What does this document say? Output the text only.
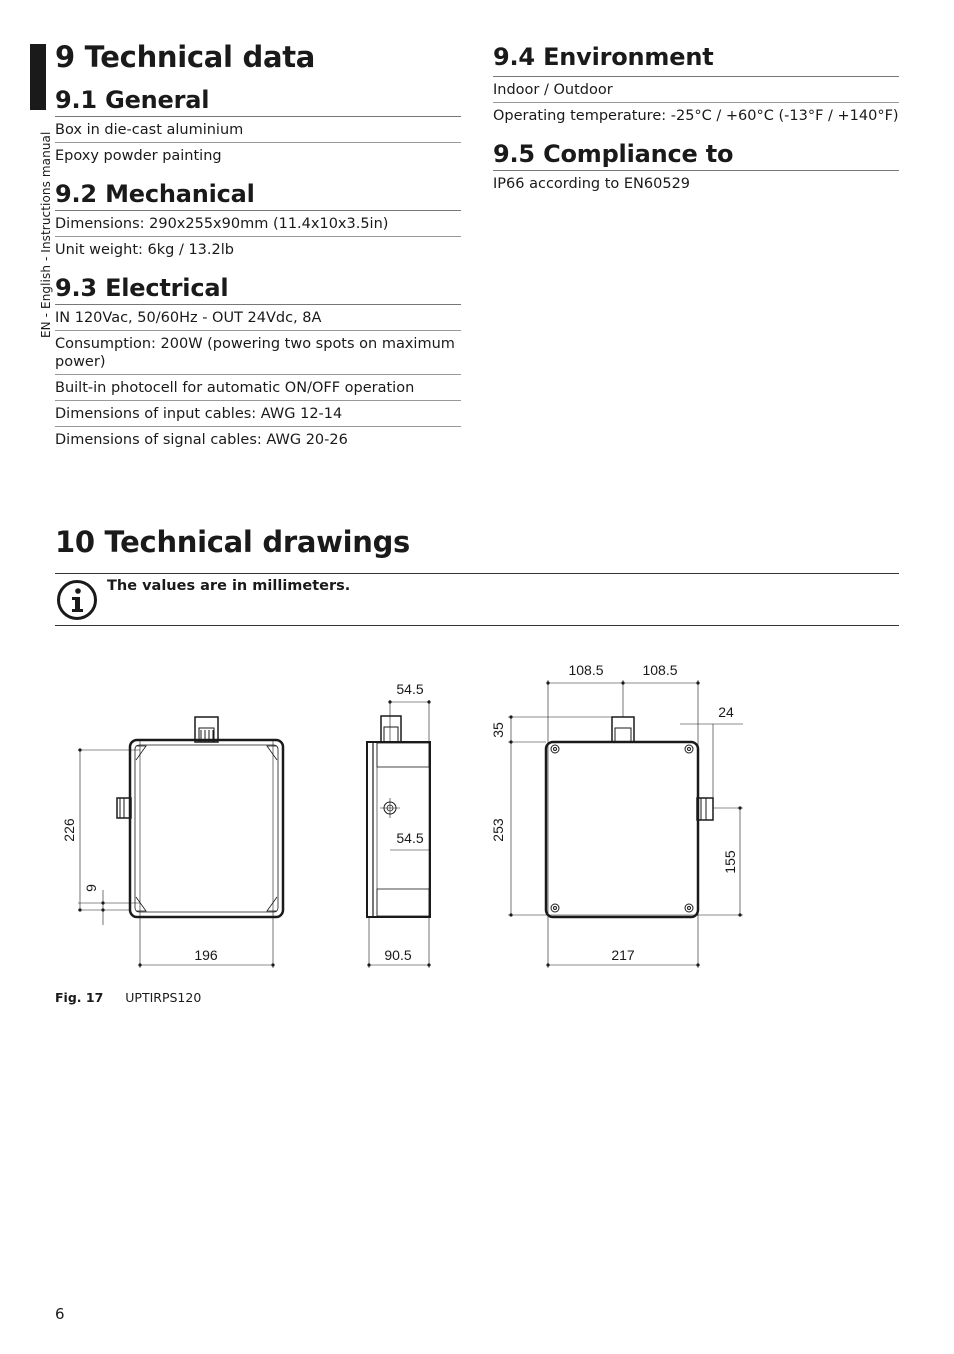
EN - English - Instructions manual
9 Technical data
9.1 General
Box in die-cast aluminium
Epoxy powder painting
9.2 Mechanical
Dimensions: 290x255x90mm (11.4x10x3.5in)
Unit weight: 6kg / 13.2lb
9.3 Electrical
IN 120Vac, 50/60Hz - OUT 24Vdc, 8A
Consumption: 200W (powering two spots on maximum power)
Built-in photocell for automatic ON/OFF operation
Dimensions of input cables: AWG 12-14
Dimensions of signal cables: AWG 20-26
9.4 Environment
Indoor / Outdoor
Operating temperature: -25°C / +60°C (-13°F / +140°F)
9.5 Compliance to
IP66 according to EN60529
10 Technical drawings
The values are in millimeters.
196
226
9
54.5
54.5
90.5
108.5	108.5
35
24
253
155
217
Fig. 17 UPTIRPS120
6
